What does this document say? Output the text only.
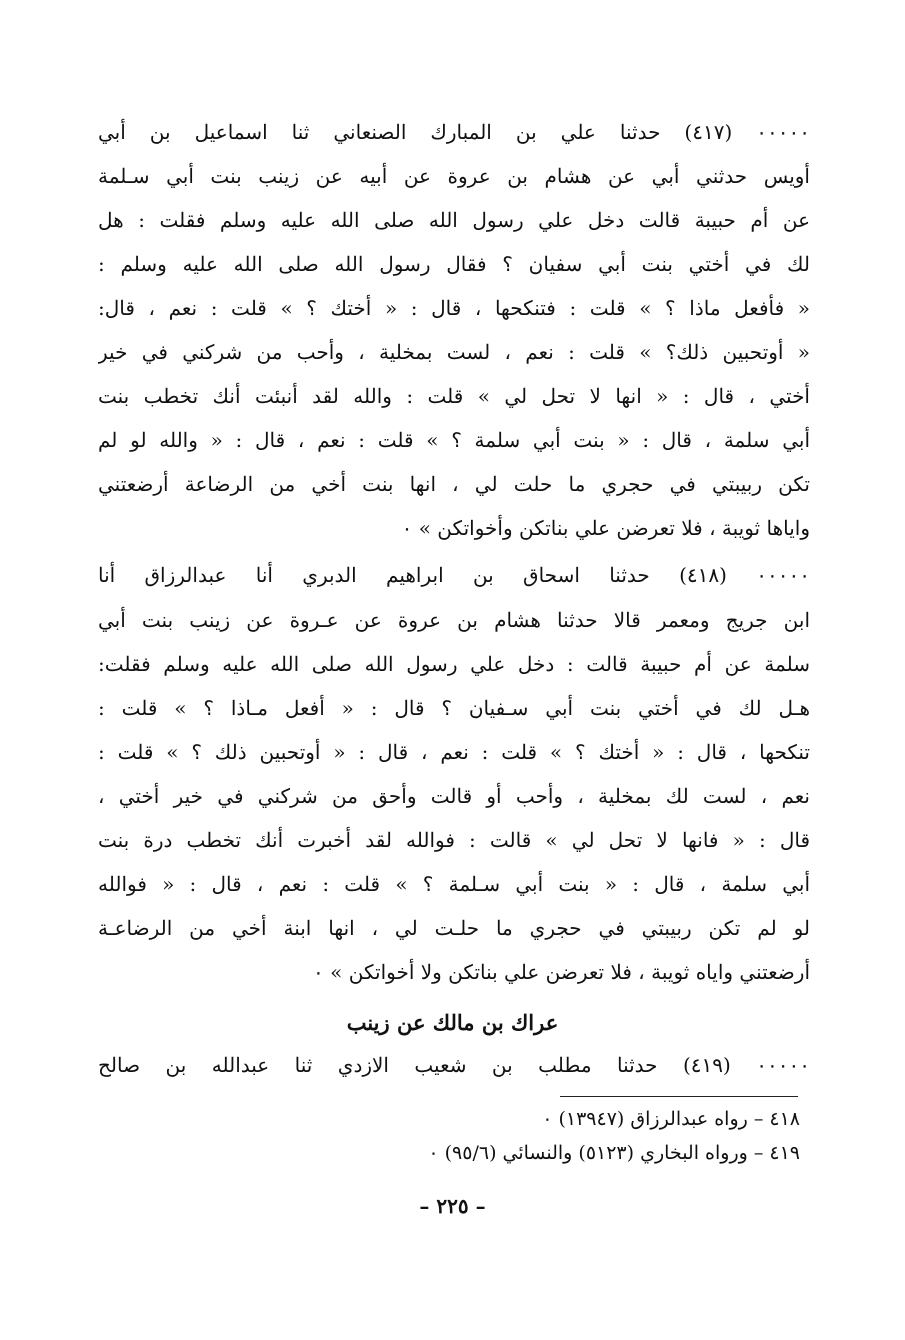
٠٠٠٠٠ (٤١٧) حدثنا علي بن المبارك الصنعاني ثنا اسماعيل بن أبي
أويس حدثني أبي عن هشام بن عروة عن أبيه عن زينب بنت أبي سـلمة
عن أم حبيبة قالت دخل علي رسول الله صلى الله عليه وسلم فقلت : هل
لك في أختي بنت أبي سفيان ؟ فقال رسول الله صلى الله عليه وسلم :
« فأفعل ماذا ؟ » قلت : فتنكحها ، قال : « أختك ؟ » قلت : نعم ، قال:
« أوتحبين ذلك؟ » قلت : نعم ، لست بمخلية ، وأحب من شركني في خير
أختي ، قال : « انها لا تحل لي » قلت : والله لقد أنبئت أنك تخطب بنت
أبي سلمة ، قال : « بنت أبي سلمة ؟ » قلت : نعم ، قال : « والله لو لم
تكن ربيبتي في حجري ما حلت لي ، انها بنت أخي من الرضاعة أرضعتني
واياها ثويبة ، فلا تعرضن علي بناتكن وأخواتكن » ٠
٠٠٠٠٠ (٤١٨) حدثنا اسحاق بن ابراهيم الدبري أنا عبدالرزاق أنا
ابن جريج ومعمر قالا حدثنا هشام بن عروة عن عـروة عن زينب بنت أبي
سلمة عن أم حبيبة قالت : دخل علي رسول الله صلى الله عليه وسلم فقلت:
هـل لك في أختي بنت أبي سـفيان ؟ قال : « أفعل مـاذا ؟ » قلت :
تنكحها ، قال : « أختك ؟ » قلت : نعم ، قال : « أوتحبين ذلك ؟ » قلت :
نعم ، لست لك بمخلية ، وأحب أو قالت وأحق من شركني في خير أختي ،
قال : « فانها لا تحل لي » قالت : فوالله لقد أخبرت أنك تخطب درة بنت
أبي سلمة ، قال : « بنت أبي سـلمة ؟ » قلت : نعم ، قال : « فوالله
لو لم تكن ربيبتي في حجري ما حلـت لي ، انها ابنة أخي من الرضاعـة
أرضعتني واياه ثويبة ، فلا تعرضن علي بناتكن ولا أخواتكن » ٠
عراك بن مالك عن زينب
٠٠٠٠٠ (٤١٩) حدثنا مطلب بن شعيب الازدي ثنا عبدالله بن صالح
٤١٨ – رواه عبدالرزاق (١٣٩٤٧) ٠
٤١٩ – ورواه البخاري (٥١٢٣) والنسائي (٩٥/٦) ٠
– ٢٢٥ –
